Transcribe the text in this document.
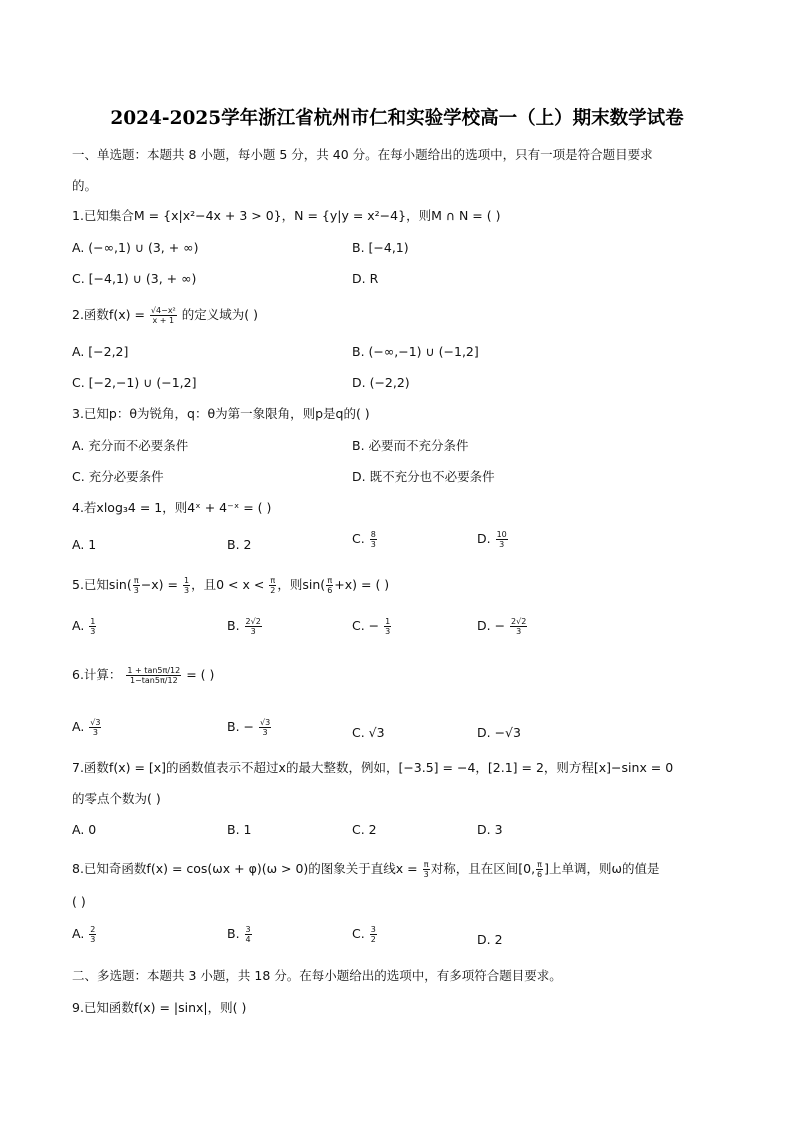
2024-2025学年浙江省杭州市仁和实验学校高一（上）期末数学试卷
一、单选题：本题共 8 小题，每小题 5 分，共 40 分。在每小题给出的选项中，只有一项是符合题目要求
的。
1.已知集合M = {x|x²−4x + 3 > 0}，N = {y|y = x²−4}，则M ∩ N = ( )
A. (−∞,1) ∪ (3, + ∞)	B. [−4,1)
C. [−4,1) ∪ (3, + ∞)	D. R
2.函数$f(x) = \frac{\text{√4−x²}}{x + 1}$ 的定义域为( )
A. [−2,2]	B. (−∞,−1) ∪ (−1,2]
C. [−2,−1) ∪ (−1,2]	D. (−2,2)
3.已知p：θ为锐角，q：θ为第一象限角，则p是q的( )
A. 充分而不必要条件	B. 必要而不充分条件
C. 充分必要条件	D. 既不充分也不必要条件
4.若xlog₃4 = 1，则4ˣ + 4⁻ˣ = ( )
A. 1	B. 2	C. $\frac{8}{3}$	D. $\frac{10}{3}$
5.已知$\sin( \frac{\pi}{3} -x) = \frac{1}{3}$ ，且$0 < x < \frac{\pi}{2}$ ，则$\sin( \frac{\pi}{6} +x)$ = ( )
A. $\frac{1}{3}$	B. $\frac{2√2}{3}$	C. − $\frac{1}{3}$	D. − $\frac{2√2}{3}$
6.计算： $\frac{1 + \tan 5\pi/12}{1-\tan 5\pi/12}$ = ( )
A. $\frac{√3}{3}$	B. − $\frac{√3}{3}$	C. √3	D. −√3
7.函数f(x) = [x]的函数值表示不超过x的最大整数，例如，[−3.5] = −4，[2.1] = 2，则方程[x]−sinx = 0
的零点个数为( )
A. 0	B. 1	C. 2	D. 3
8.已知奇函数f(x) = cos(ωx + φ)(ω > 0)的图象关于直线$x = \frac{\pi}{3}$ 对称，且在区间[0, $\frac{\pi}{6}$ ]上单调，则ω的值是
( )
A. $\frac{2}{3}$	B. $\frac{3}{4}$	C. $\frac{3}{2}$	D. 2
二、多选题：本题共 3 小题，共 18 分。在每小题给出的选项中，有多项符合题目要求。
9.已知函数f(x) = |sinx|，则( )
